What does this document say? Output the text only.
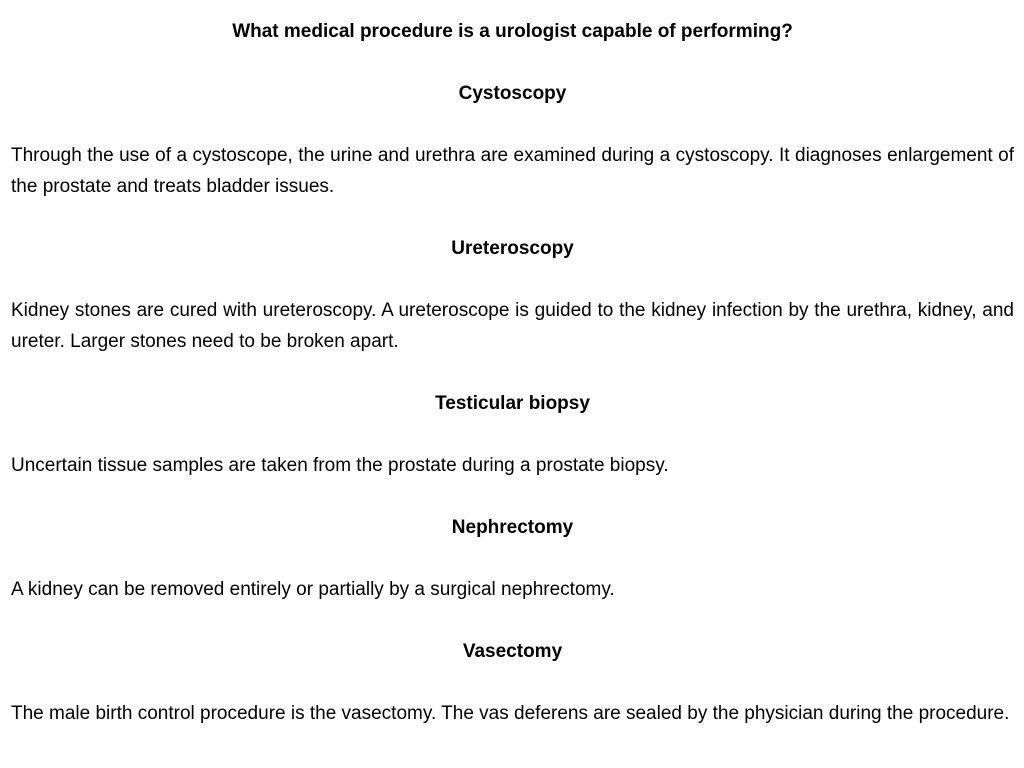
What medical procedure is a urologist capable of performing?

Cystoscopy

Through the use of a cystoscope, the urine and urethra are examined during a cystoscopy. It diagnoses enlargement of the prostate and treats bladder issues.

Ureteroscopy

Kidney stones are cured with ureteroscopy. A ureteroscope is guided to the kidney infection by the urethra, kidney, and ureter. Larger stones need to be broken apart.

Testicular biopsy

Uncertain tissue samples are taken from the prostate during a prostate biopsy.

Nephrectomy

A kidney can be removed entirely or partially by a surgical nephrectomy.

Vasectomy

The male birth control procedure is the vasectomy. The vas deferens are sealed by the physician during the procedure.
